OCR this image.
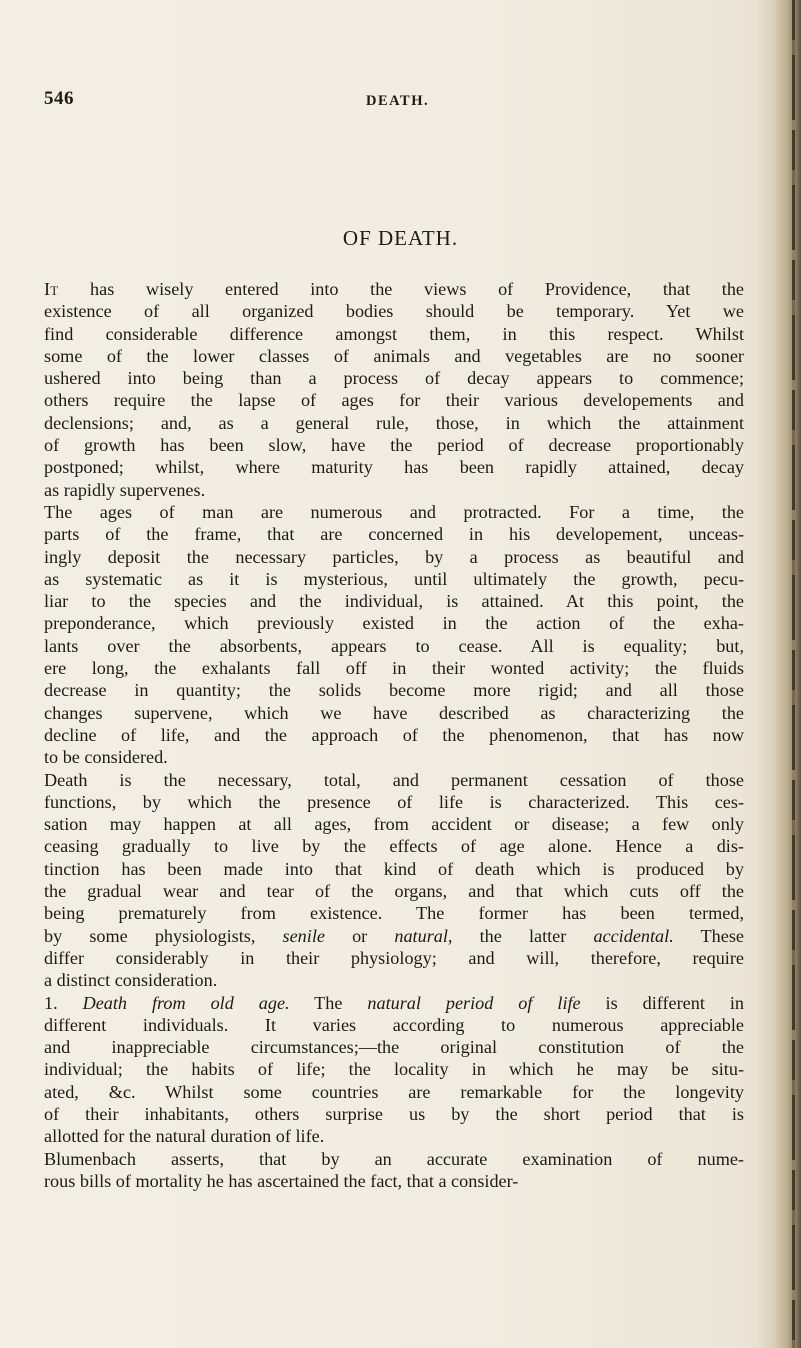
546	DEATH.
OF DEATH.
It has wisely entered into the views of Providence, that the
existence of all organized bodies should be temporary. Yet we
find considerable difference amongst them, in this respect. Whilst
some of the lower classes of animals and vegetables are no sooner
ushered into being than a process of decay appears to commence;
others require the lapse of ages for their various developements and
declensions; and, as a general rule, those, in which the attainment
of growth has been slow, have the period of decrease proportionably
postponed; whilst, where maturity has been rapidly attained, decay
as rapidly supervenes.
The ages of man are numerous and protracted. For a time, the
parts of the frame, that are concerned in his developement, unceas-
ingly deposit the necessary particles, by a process as beautiful and
as systematic as it is mysterious, until ultimately the growth, pecu-
liar to the species and the individual, is attained. At this point, the
preponderance, which previously existed in the action of the exha-
lants over the absorbents, appears to cease. All is equality; but,
ere long, the exhalants fall off in their wonted activity; the fluids
decrease in quantity; the solids become more rigid; and all those
changes supervene, which we have described as characterizing the
decline of life, and the approach of the phenomenon, that has now
to be considered.
Death is the necessary, total, and permanent cessation of those
functions, by which the presence of life is characterized. This ces-
sation may happen at all ages, from accident or disease; a few only
ceasing gradually to live by the effects of age alone. Hence a dis-
tinction has been made into that kind of death which is produced by
the gradual wear and tear of the organs, and that which cuts off the
being prematurely from existence. The former has been termed,
by some physiologists, senile or natural, the latter accidental. These
differ considerably in their physiology; and will, therefore, require
a distinct consideration.
1. Death from old age. The natural period of life is different in
different individuals. It varies according to numerous appreciable
and inappreciable circumstances;—the original constitution of the
individual; the habits of life; the locality in which he may be situ-
ated, &c. Whilst some countries are remarkable for the longevity
of their inhabitants, others surprise us by the short period that is
allotted for the natural duration of life.
Blumenbach asserts, that by an accurate examination of nume-
rous bills of mortality he has ascertained the fact, that a consider-
